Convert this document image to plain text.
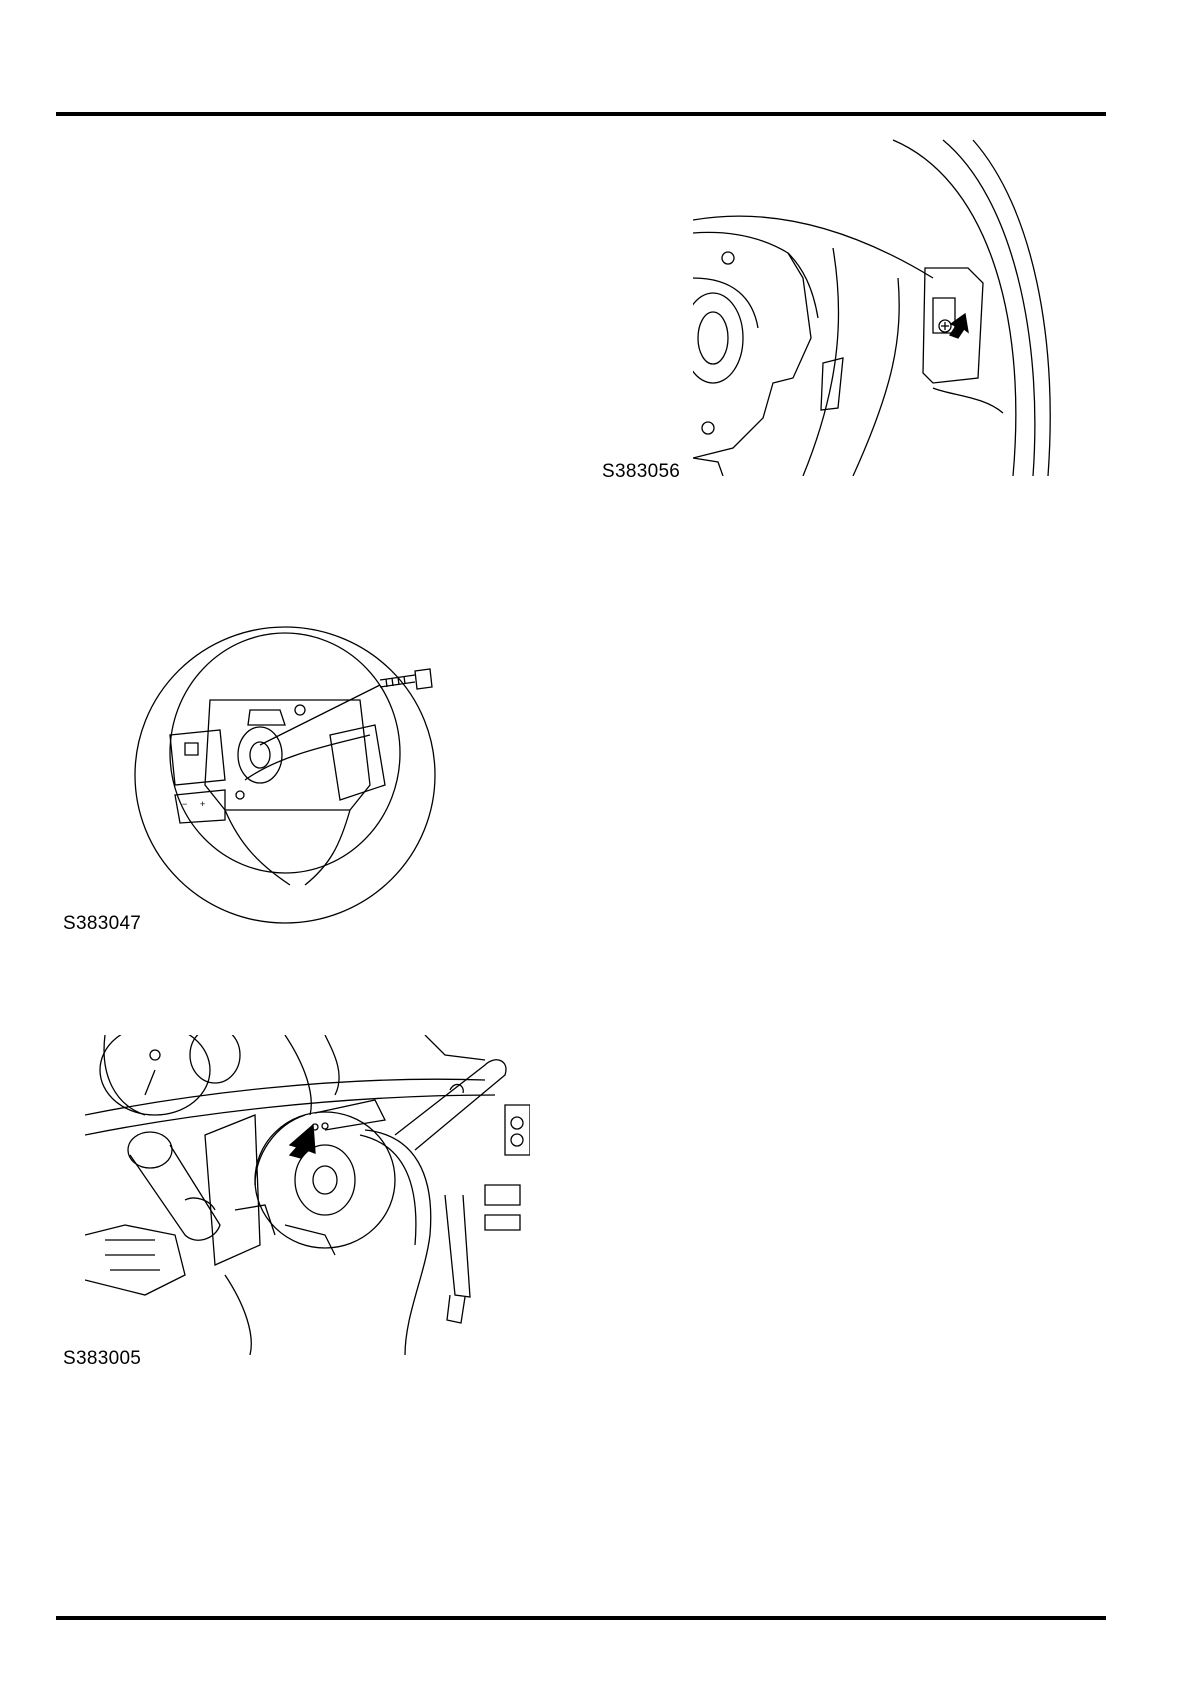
S383056
− +
S383047
S383005
